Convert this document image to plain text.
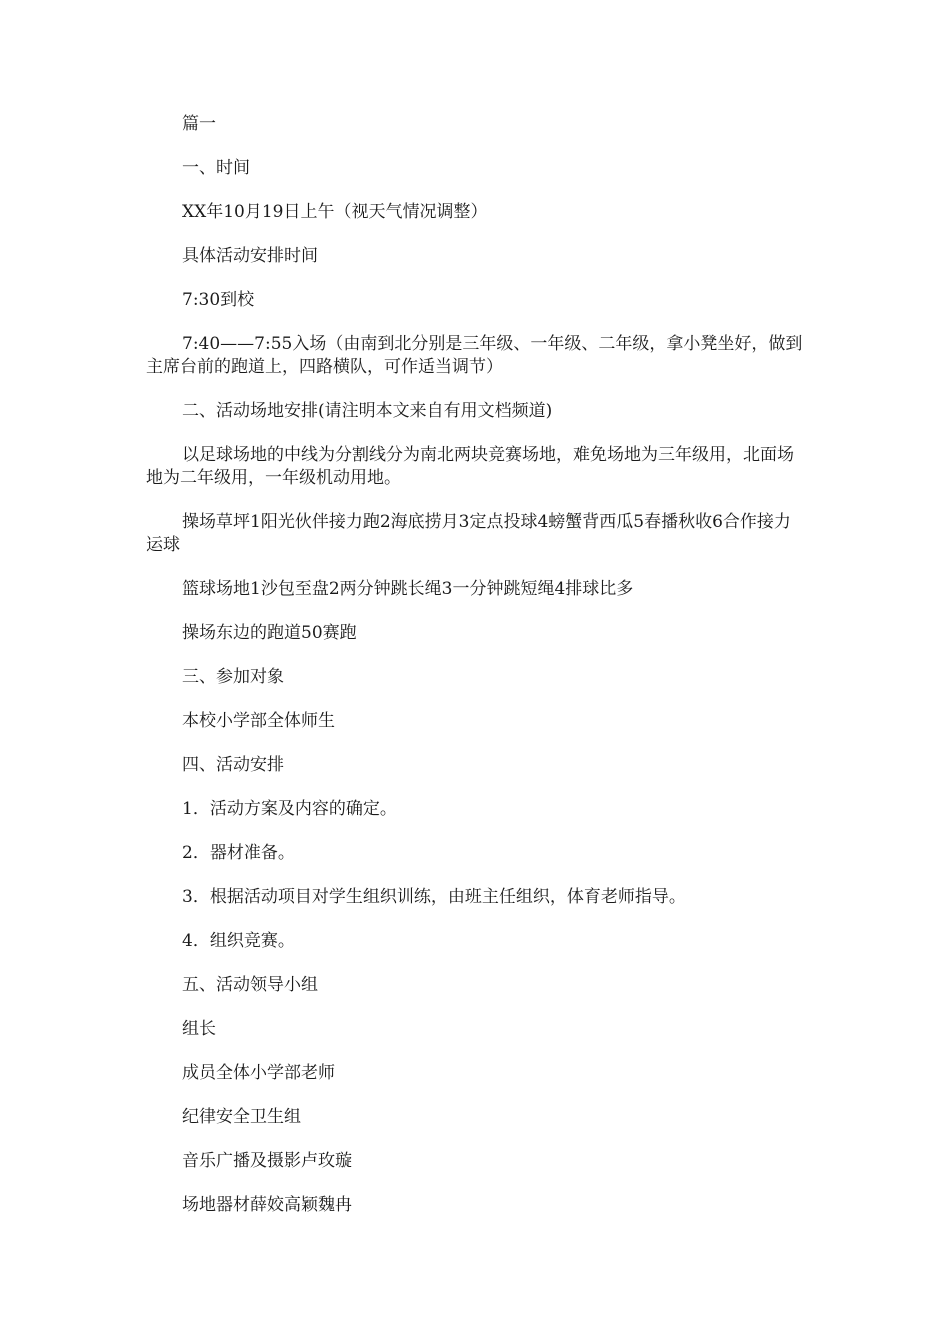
篇一

一、时间

XX年10月19日上午（视天气情况调整）

具体活动安排时间

7:30到校

7:40——7:55入场（由南到北分别是三年级、一年级、二年级，拿小凳坐好，做到主席台前的跑道上，四路横队，可作适当调节）

二、活动场地安排(请注明本文来自有用文档频道)

以足球场地的中线为分割线分为南北两块竞赛场地，难免场地为三年级用，北面场地为二年级用，一年级机动用地。

操场草坪1阳光伙伴接力跑2海底捞月3定点投球4螃蟹背西瓜5春播秋收6合作接力运球

篮球场地1沙包至盘2两分钟跳长绳3一分钟跳短绳4排球比多

操场东边的跑道50赛跑

三、参加对象

本校小学部全体师生

四、活动安排

1．活动方案及内容的确定。

2．器材准备。

3．根据活动项目对学生组织训练，由班主任组织，体育老师指导。

4．组织竞赛。

五、活动领导小组

组长

成员全体小学部老师

纪律安全卫生组

音乐广播及摄影卢玫璇

场地器材薛姣高颖魏冉
